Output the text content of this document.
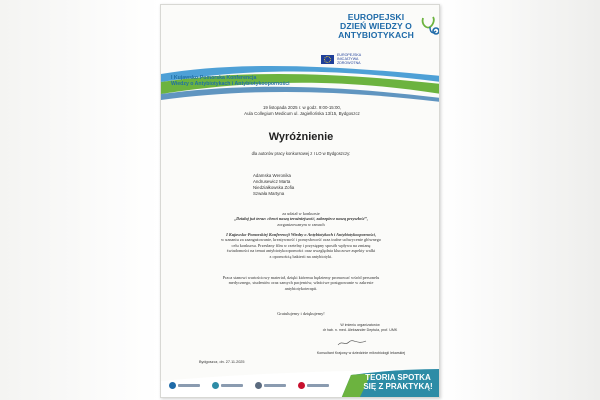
EUROPEJSKI
DZIEŃ WIEDZY O
ANTYBIOTYKACH
EUROPEJSKA INICJATYWA
ZDROWOTNA
I Kujawsko-Pomorska Konferencja
Wiedzy o Antybiotykach i Antybiotykooporności
19 listopada 2025 r. w godz. 9:00-15:00,
Aula Collegium Medicum ul. Jagiellońska 13/15, Bydgoszcz
Wyróżnienie
dla autorów pracy konkursowej z I LO w Bydgoszczy:
Adamska Weronika
Andrusewicz Marta
Niedziałkowska Zofia
Szwała Martyna
za udział w konkursie
„Działaj już teraz: chroń naszą teraźniejszość, zabezpiecz naszą przyszłość”,
zorganizowanym w ramach
I Kujawsko-Pomorskiej Konferencji Wiedzy o Antybiotykach i Antybiotykooporności,
w uznaniu za zaangażowanie, kreatywność i pomysłowość oraz trafne uchwycenie głównego
celu konkursu. Przesłany film w rzetelny i przystępny sposób wpływa na zmianę
świadomości na temat antybiotykooporności oraz uwzględnia kluczowe aspekty walki
z opornością bakterii na antybiotyki.
Praca stanowi wartościowy materiał, dzięki któremu będziemy promować wśród personelu
medycznego, studentów oraz samych pacjentów, właściwe postępowanie w zakresie
antybiotykoterapii.
Gratulujemy i dziękujemy!
W imieniu organizatorów
dr hab. n. med. Aleksander Deptuła, prof. UMK
Konsultant Krajowy w dziedzinie mikrobiologii lekarskiej
Bydgoszcz, dn. 27.11.2025
TEORIA SPOTKA
SIĘ Z PRAKTYKĄ!
